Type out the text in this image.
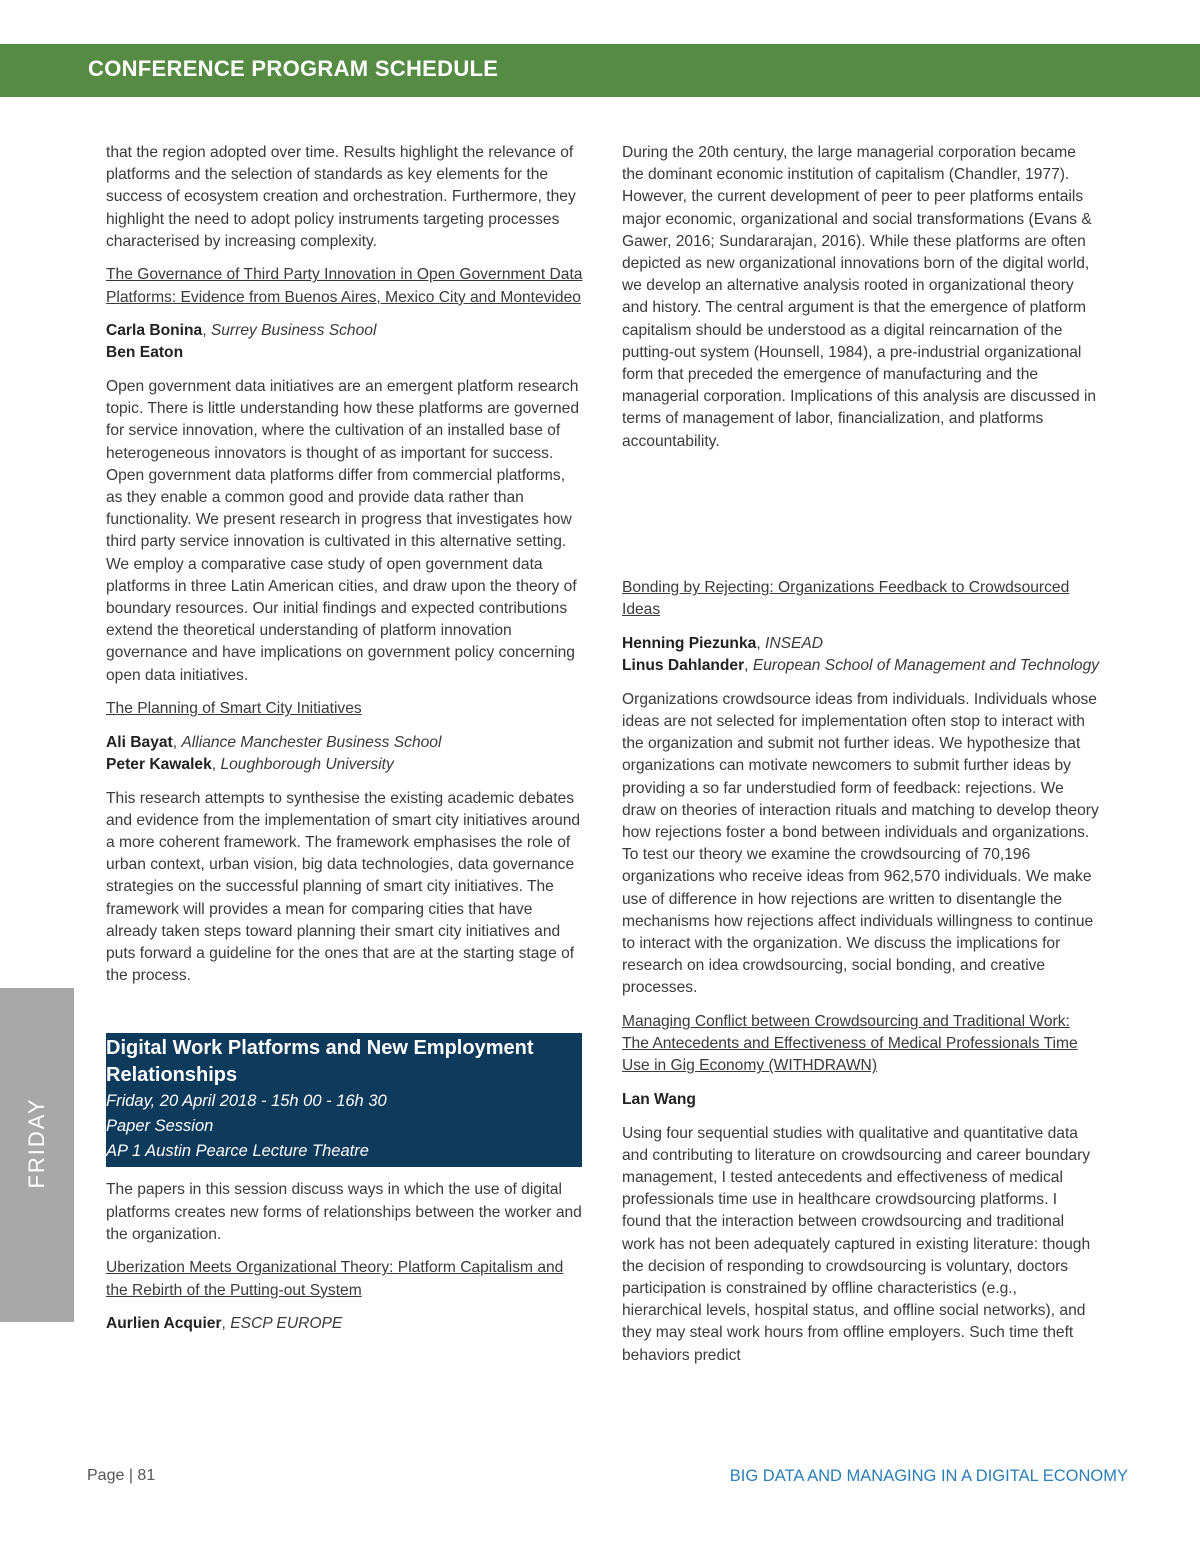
CONFERENCE PROGRAM SCHEDULE
FRIDAY

that the region adopted over time. Results highlight the relevance of platforms and the selection of standards as key elements for the success of ecosystem creation and orchestration. Furthermore, they highlight the need to adopt policy instruments targeting processes characterised by increasing complexity.

The Governance of Third Party Innovation in Open Government Data Platforms: Evidence from Buenos Aires, Mexico City and Montevideo

Carla Bonina, Surrey Business School
Ben Eaton

Open government data initiatives are an emergent platform research topic. There is little understanding how these platforms are governed for service innovation, where the cultivation of an installed base of heterogeneous innovators is thought of as important for success. Open government data platforms differ from commercial platforms, as they enable a common good and provide data rather than functionality. We present research in progress that investigates how third party service innovation is cultivated in this alternative setting. We employ a comparative case study of open government data platforms in three Latin American cities, and draw upon the theory of boundary resources. Our initial findings and expected contributions extend the theoretical understanding of platform innovation governance and have implications on government policy concerning open data initiatives.

The Planning of Smart City Initiatives

Ali Bayat, Alliance Manchester Business School
Peter Kawalek, Loughborough University

This research attempts to synthesise the existing academic debates and evidence from the implementation of smart city initiatives around a more coherent framework. The framework emphasises the role of urban context, urban vision, big data technologies, data governance strategies on the successful planning of smart city initiatives. The framework will provides a mean for comparing cities that have already taken steps toward planning their smart city initiatives and puts forward a guideline for the ones that are at the starting stage of the process.

Digital Work Platforms and New Employment Relationships
Friday, 20 April 2018 - 15h 00 - 16h 30
Paper Session
AP 1 Austin Pearce Lecture Theatre

The papers in this session discuss ways in which the use of digital platforms creates new forms of relationships between the worker and the organization.

Uberization Meets Organizational Theory: Platform Capitalism and the Rebirth of the Putting-out System

Aurlien Acquier, ESCP EUROPE

During the 20th century, the large managerial corporation became the dominant economic institution of capitalism (Chandler, 1977). However, the current development of peer to peer platforms entails major economic, organizational and social transformations (Evans & Gawer, 2016; Sundararajan, 2016). While these platforms are often depicted as new organizational innovations born of the digital world, we develop an alternative analysis rooted in organizational theory and history. The central argument is that the emergence of platform capitalism should be understood as a digital reincarnation of the putting-out system (Hounsell, 1984), a pre-industrial organizational form that preceded the emergence of manufacturing and the managerial corporation. Implications of this analysis are discussed in terms of management of labor, financialization, and platforms accountability.

Bonding by Rejecting: Organizations Feedback to Crowdsourced Ideas

Henning Piezunka, INSEAD
Linus Dahlander, European School of Management and Technology

Organizations crowdsource ideas from individuals. Individuals whose ideas are not selected for implementation often stop to interact with the organization and submit not further ideas. We hypothesize that organizations can motivate newcomers to submit further ideas by providing a so far understudied form of feedback: rejections. We draw on theories of interaction rituals and matching to develop theory how rejections foster a bond between individuals and organizations. To test our theory we examine the crowdsourcing of 70,196 organizations who receive ideas from 962,570 individuals. We make use of difference in how rejections are written to disentangle the mechanisms how rejections affect individuals willingness to continue to interact with the organization. We discuss the implications for research on idea crowdsourcing, social bonding, and creative processes.

Managing Conflict between Crowdsourcing and Traditional Work: The Antecedents and Effectiveness of Medical Professionals Time Use in Gig Economy (WITHDRAWN)

Lan Wang

Using four sequential studies with qualitative and quantitative data and contributing to literature on crowdsourcing and career boundary management, I tested antecedents and effectiveness of medical professionals time use in healthcare crowdsourcing platforms. I found that the interaction between crowdsourcing and traditional work has not been adequately captured in existing literature: though the decision of responding to crowdsourcing is voluntary, doctors participation is constrained by offline characteristics (e.g., hierarchical levels, hospital status, and offline social networks), and they may steal work hours from offline employers. Such time theft behaviors predict

Page | 81	BIG DATA AND MANAGING IN A DIGITAL ECONOMY
